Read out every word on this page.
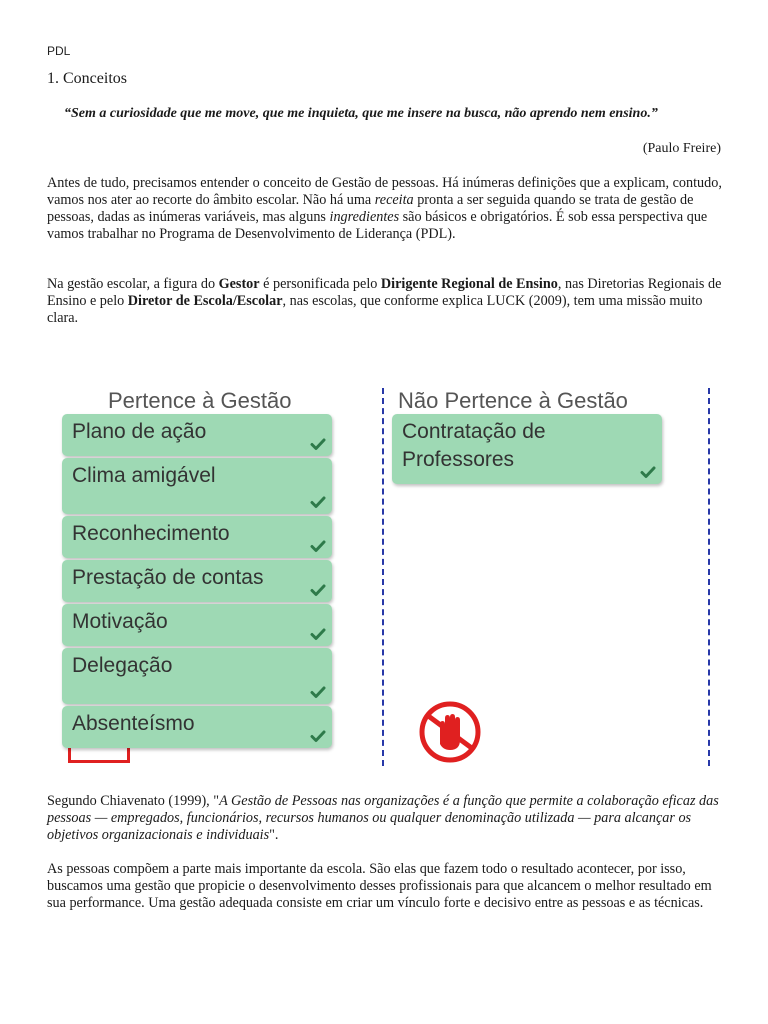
PDL
1. Conceitos
“Sem a curiosidade que me move, que me inquieta, que me insere na busca, não aprendo nem ensino.”
(Paulo Freire)

Antes de tudo, precisamos entender o conceito de Gestão de pessoas. Há inúmeras definições que a explicam, contudo, vamos nos ater ao recorte do âmbito escolar. Não há uma receita pronta a ser seguida quando se trata de gestão de pessoas, dadas as inúmeras variáveis, mas alguns ingredientes são básicos e obrigatórios. É sob essa perspectiva que vamos trabalhar no Programa de Desenvolvimento de Liderança (PDL).

Na gestão escolar, a figura do Gestor é personificada pelo Dirigente Regional de Ensino, nas Diretorias Regionais de Ensino e pelo Diretor de Escola/Escolar, nas escolas, que conforme explica LUCK (2009), tem uma missão muito clara.

Pertence à Gestão	Não Pertence à Gestão
Plano de ação
Clima amigável
Reconhecimento
Prestação de contas
Motivação
Delegação
Absenteísmo
Contratação de Professores

Segundo Chiavenato (1999), "A Gestão de Pessoas nas organizações é a função que permite a colaboração eficaz das pessoas — empregados, funcionários, recursos humanos ou qualquer denominação utilizada — para alcançar os objetivos organizacionais e individuais".

As pessoas compõem a parte mais importante da escola. São elas que fazem todo o resultado acontecer, por isso, buscamos uma gestão que propicie o desenvolvimento desses profissionais para que alcancem o melhor resultado em sua performance. Uma gestão adequada consiste em criar um vínculo forte e decisivo entre as pessoas e as técnicas.
